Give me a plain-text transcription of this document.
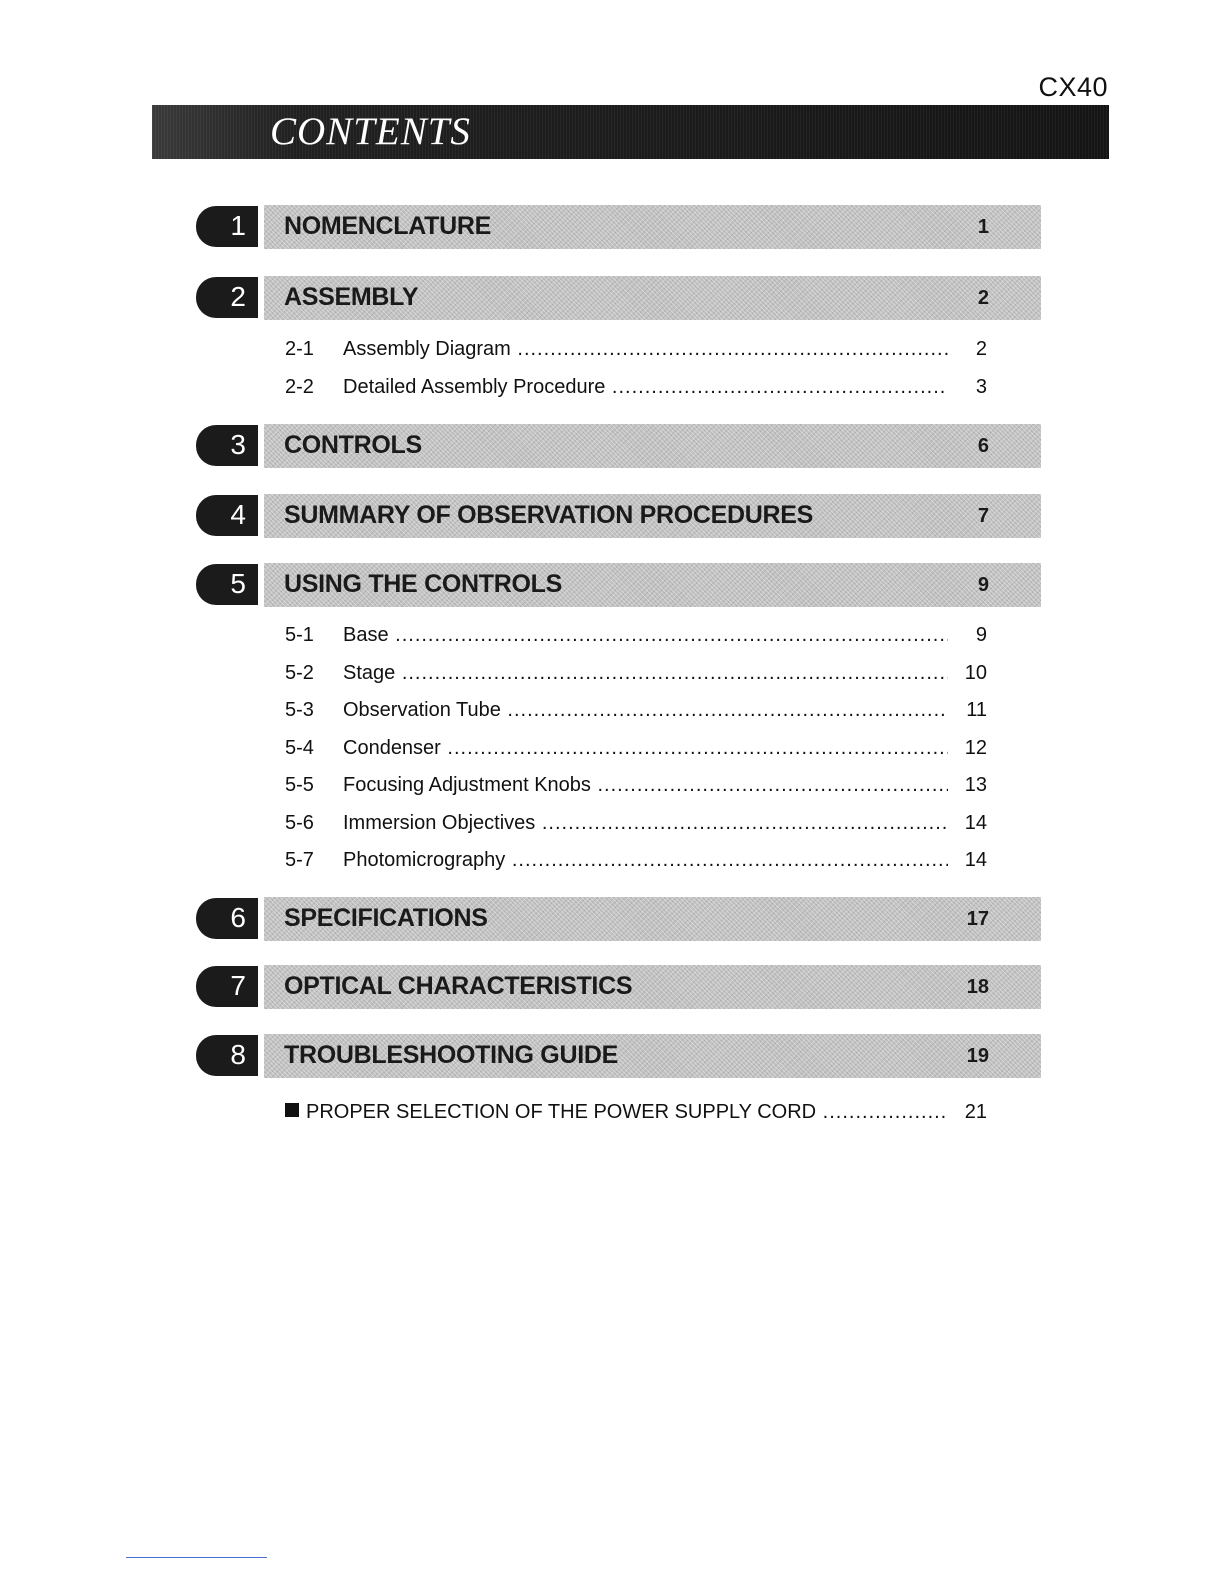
CX40
CONTENTS
1 NOMENCLATURE	1
2 ASSEMBLY	2
2-1 Assembly Diagram .....	2
2-2 Detailed Assembly Procedure .....	3
3 CONTROLS	6
4 SUMMARY OF OBSERVATION PROCEDURES	7
5 USING THE CONTROLS	9
5-1 Base .....	9
5-2 Stage .....	10
5-3 Observation Tube .....	11
5-4 Condenser .....	12
5-5 Focusing Adjustment Knobs .....	13
5-6 Immersion Objectives .....	14
5-7 Photomicrography .....	14
6 SPECIFICATIONS	17
7 OPTICAL CHARACTERISTICS	18
8 TROUBLESHOOTING GUIDE	19
PROPER SELECTION OF THE POWER SUPPLY CORD .....	21
